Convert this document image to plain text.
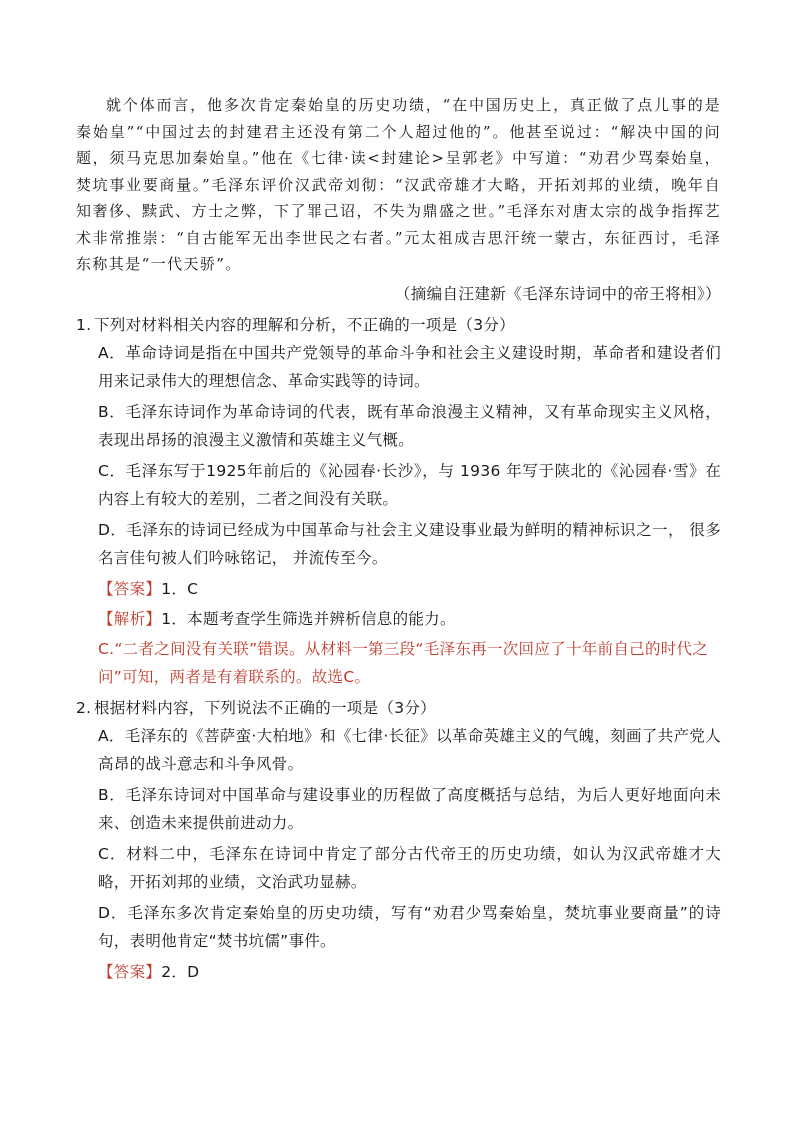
就个体而言，他多次肯定秦始皇的历史功绩，“在中国历史上，真正做了点儿事的是秦始皇”“中国过去的封建君主还没有第二个人超过他的”。他甚至说过：“解决中国的问题，须马克思加秦始皇。”他在《七律·读<封建论>呈郭老》中写道：“劝君少骂秦始皇，焚坑事业要商量。”毛泽东评价汉武帝刘彻：“汉武帝雄才大略，开拓刘邦的业绩，晚年自知奢侈、黩武、方士之弊，下了罪己诏，不失为鼎盛之世。”毛泽东对唐太宗的战争指挥艺术非常推崇：“自古能军无出李世民之右者。”元太祖成吉思汗统一蒙古，东征西讨，毛泽东称其是“一代天骄”。

（摘编自汪建新《毛泽东诗词中的帝王将相》）

1. 下列对材料相关内容的理解和分析，不正确的一项是（3分）

A．革命诗词是指在中国共产党领导的革命斗争和社会主义建设时期，革命者和建设者们用来记录伟大的理想信念、革命实践等的诗词。

B．毛泽东诗词作为革命诗词的代表，既有革命浪漫主义精神，又有革命现实主义风格，表现出昂扬的浪漫主义激情和英雄主义气概。

C．毛泽东写于1925年前后的《沁园春·长沙》，与 1936 年写于陕北的《沁园春·雪》在内容上有较大的差别，二者之间没有关联。

D．毛泽东的诗词已经成为中国革命与社会主义建设事业最为鲜明的精神标识之一， 很多名言佳句被人们吟咏铭记， 并流传至今。

【答案】1．C

【解析】1．本题考查学生筛选并辨析信息的能力。

C.“二者之间没有关联”错误。从材料一第三段“毛泽东再一次回应了十年前自己的时代之问”可知，两者是有着联系的。故选C。

2. 根据材料内容，下列说法不正确的一项是（3分）

A．毛泽东的《菩萨蛮·大柏地》和《七律·长征》以革命英雄主义的气魄，刻画了共产党人高昂的战斗意志和斗争风骨。

B．毛泽东诗词对中国革命与建设事业的历程做了高度概括与总结，为后人更好地面向未来、创造未来提供前进动力。

C．材料二中，毛泽东在诗词中肯定了部分古代帝王的历史功绩，如认为汉武帝雄才大略，开拓刘邦的业绩，文治武功显赫。

D．毛泽东多次肯定秦始皇的历史功绩，写有“劝君少骂秦始皇，焚坑事业要商量”的诗句，表明他肯定“焚书坑儒”事件。

【答案】2．D
